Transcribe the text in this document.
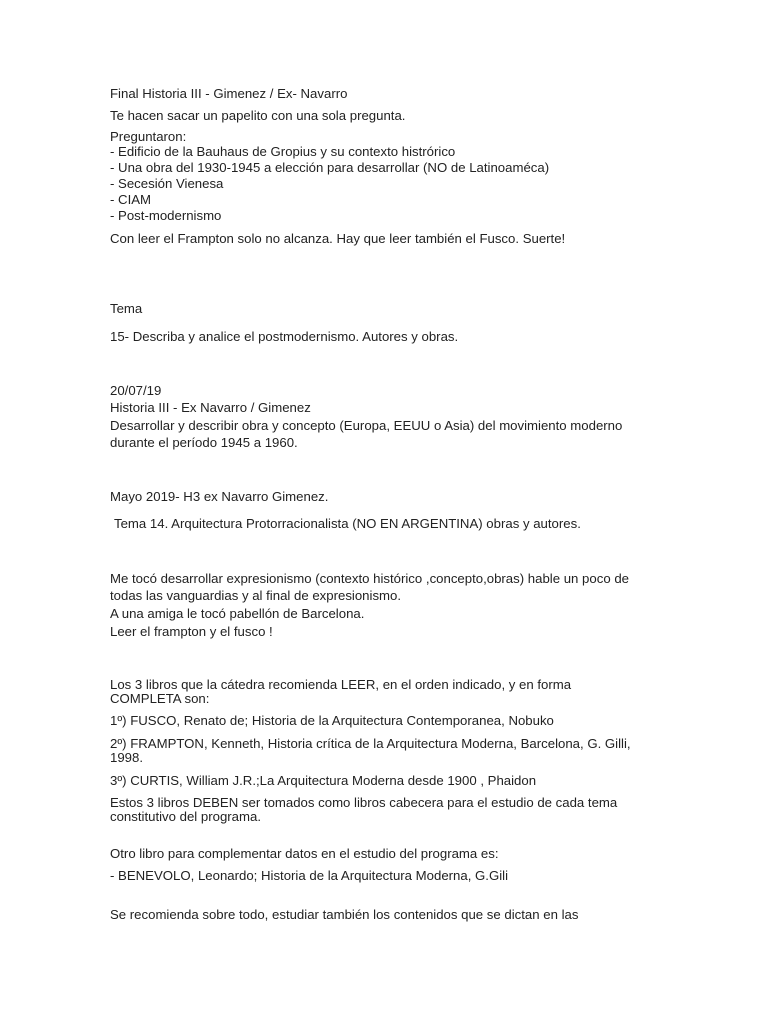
Final Historia III - Gimenez / Ex- Navarro
Te hacen sacar un papelito con una sola pregunta.
Preguntaron:
- Edificio de la Bauhaus de Gropius y su contexto histrórico
- Una obra del 1930-1945 a elección para desarrollar (NO de Latinoaméca)
- Secesión Vienesa
- CIAM
- Post-modernismo
Con leer el Frampton solo no alcanza. Hay que leer también el Fusco. Suerte!
Tema
15- Describa y analice el postmodernismo. Autores y obras.
20/07/19
Historia III - Ex Navarro / Gimenez
Desarrollar y describir obra y concepto (Europa, EEUU o Asia) del movimiento moderno
durante el período 1945 a 1960.
Mayo 2019- H3 ex Navarro Gimenez.
Tema 14. Arquitectura Protorracionalista (NO EN ARGENTINA) obras y autores.
Me tocó desarrollar expresionismo (contexto histórico ,concepto,obras) hable un poco de
todas las vanguardias y al final de expresionismo.
A una amiga le tocó pabellón de Barcelona.
Leer el frampton y el fusco !
Los 3 libros que la cátedra recomienda LEER, en el orden indicado, y en forma
COMPLETA son:
1º) FUSCO, Renato de; Historia de la Arquitectura Contemporanea, Nobuko
2º) FRAMPTON, Kenneth, Historia crítica de la Arquitectura Moderna, Barcelona, G. Gilli,
1998.
3º) CURTIS, William J.R.;La Arquitectura Moderna desde 1900 , Phaidon
Estos 3 libros DEBEN ser tomados como libros cabecera para el estudio de cada tema
constitutivo del programa.
Otro libro para complementar datos en el estudio del programa es:
- BENEVOLO, Leonardo; Historia de la Arquitectura Moderna, G.Gili
Se recomienda sobre todo, estudiar también los contenidos que se dictan en las
